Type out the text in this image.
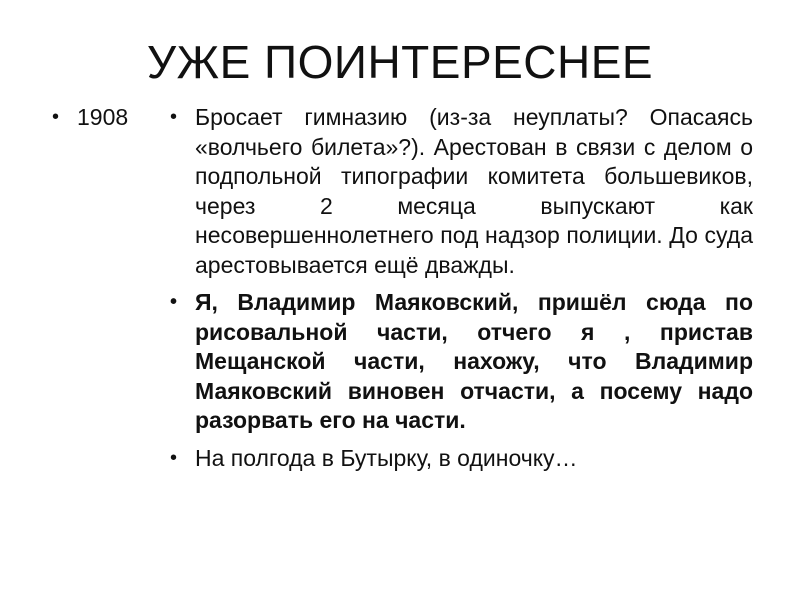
УЖЕ ПОИНТЕРЕСНЕЕ
• 1908	• Бросает гимназию (из-за неуплаты? Опасаясь «волчьего билета»?). Арестован в связи с делом о подпольной типографии комитета большевиков, через 2 месяца выпускают как несовершеннолетнего под надзор полиции. До суда арестовывается ещё дважды.
• Я, Владимир Маяковский, пришёл сюда по рисовальной части, отчего я , пристав Мещанской части, нахожу, что Владимир Маяковский виновен отчасти, а посему надо разорвать его на части.
• На полгода в Бутырку, в одиночку…
